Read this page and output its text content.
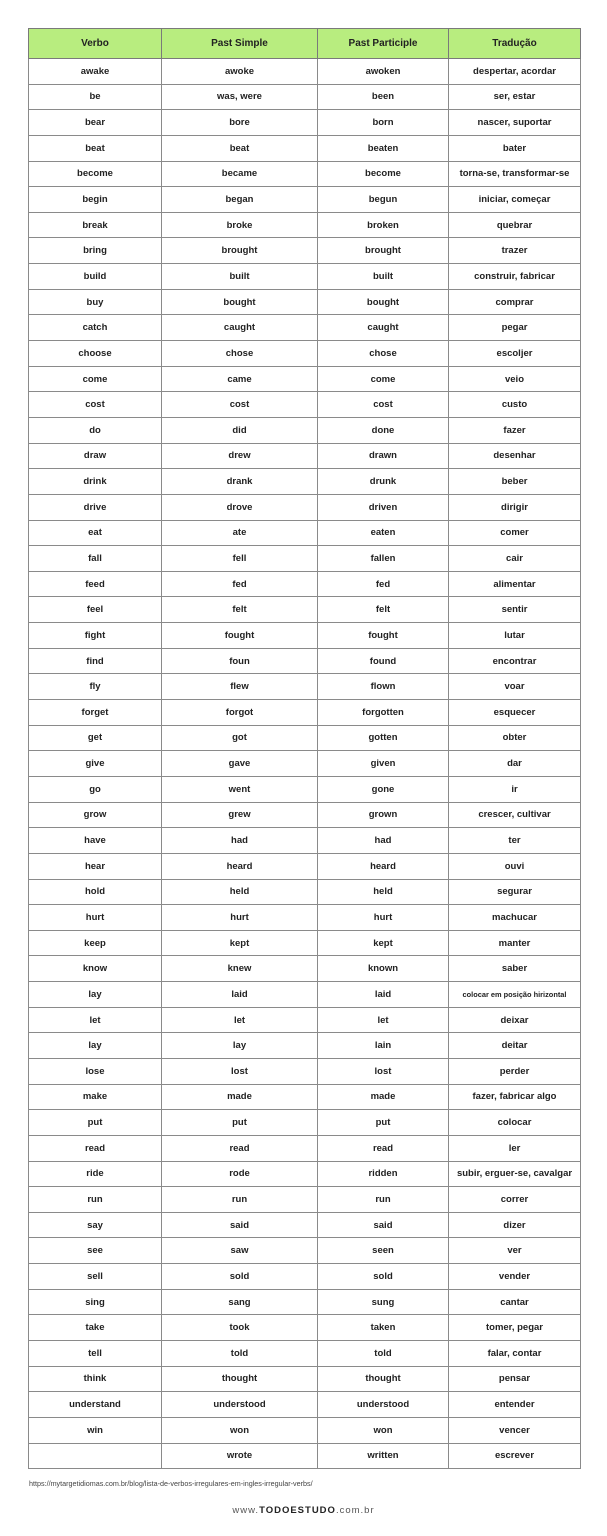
Verbo	Past Simple	Past Participle	Tradução
awake	awoke	awoken	despertar, acordar
be	was, were	been	ser, estar
bear	bore	born	nascer, suportar
beat	beat	beaten	bater
become	became	become	torna-se, transformar-se
begin	began	begun	iniciar, começar
break	broke	broken	quebrar
bring	brought	brought	trazer
build	built	built	construir, fabricar
buy	bought	bought	comprar
catch	caught	caught	pegar
choose	chose	chose	escoljer
come	came	come	veio
cost	cost	cost	custo
do	did	done	fazer
draw	drew	drawn	desenhar
drink	drank	drunk	beber
drive	drove	driven	dirigir
eat	ate	eaten	comer
fall	fell	fallen	cair
feed	fed	fed	alimentar
feel	felt	felt	sentir
fight	fought	fought	lutar
find	foun	found	encontrar
fly	flew	flown	voar
forget	forgot	forgotten	esquecer
get	got	gotten	obter
give	gave	given	dar
go	went	gone	ir
grow	grew	grown	crescer, cultivar
have	had	had	ter
hear	heard	heard	ouvi
hold	held	held	segurar
hurt	hurt	hurt	machucar
keep	kept	kept	manter
know	knew	known	saber
lay	laid	laid	colocar em posição hirizontal
let	let	let	deixar
lay	lay	lain	deitar
lose	lost	lost	perder
make	made	made	fazer, fabricar algo
put	put	put	colocar
read	read	read	ler
ride	rode	ridden	subir, erguer-se, cavalgar
run	run	run	correr
say	said	said	dizer
see	saw	seen	ver
sell	sold	sold	vender
sing	sang	sung	cantar
take	took	taken	tomer, pegar
tell	told	told	falar, contar
think	thought	thought	pensar
understand	understood	understood	entender
win	won	won	vencer
	wrote	written	escrever
https://mytargetidiomas.com.br/blog/lista-de-verbos-irregulares-em-ingles-irregular-verbs/
www.TODOESTUDO.com.br
